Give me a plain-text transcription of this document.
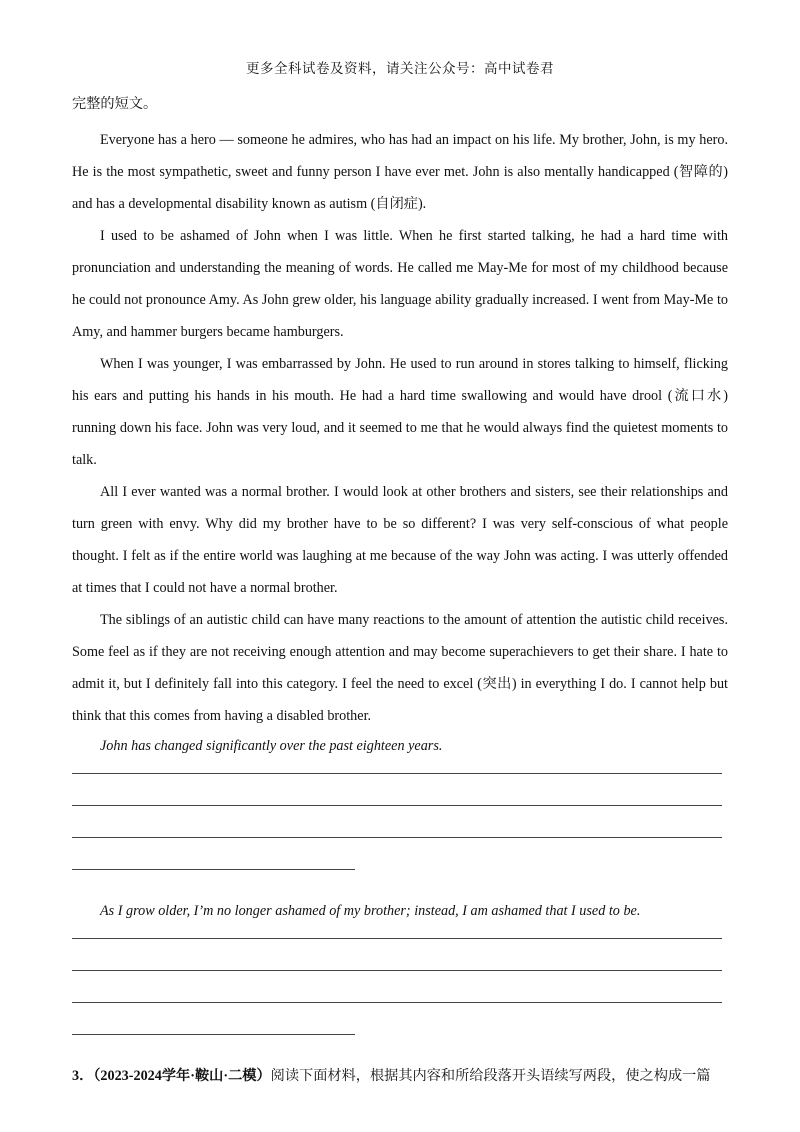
更多全科试卷及资料，请关注公众号：高中试卷君
完整的短文。

Everyone has a hero — someone he admires, who has had an impact on his life. My brother, John, is my hero. He is the most sympathetic, sweet and funny person I have ever met. John is also mentally handicapped (智障的) and has a developmental disability known as autism (自闭症).

I used to be ashamed of John when I was little. When he first started talking, he had a hard time with pronunciation and understanding the meaning of words. He called me May-Me for most of my childhood because he could not pronounce Amy. As John grew older, his language ability gradually increased. I went from May-Me to Amy, and hammer burgers became hamburgers.

When I was younger, I was embarrassed by John. He used to run around in stores talking to himself, flicking his ears and putting his hands in his mouth. He had a hard time swallowing and would have drool (流口水) running down his face. John was very loud, and it seemed to me that he would always find the quietest moments to talk.

All I ever wanted was a normal brother. I would look at other brothers and sisters, see their relationships and turn green with envy. Why did my brother have to be so different? I was very self-conscious of what people thought. I felt as if the entire world was laughing at me because of the way John was acting. I was utterly offended at times that I could not have a normal brother.

The siblings of an autistic child can have many reactions to the amount of attention the autistic child receives. Some feel as if they are not receiving enough attention and may become superachievers to get their share. I hate to admit it, but I definitely fall into this category. I feel the need to excel (突出) in everything I do. I cannot help but think that this comes from having a disabled brother.

John has changed significantly over the past eighteen years.

As I grow older, I’m no longer ashamed of my brother; instead, I am ashamed that I used to be.

3．（2023-2024学年·鞍山·二模）阅读下面材料，根据其内容和所给段落开头语续写两段，使之构成一篇
